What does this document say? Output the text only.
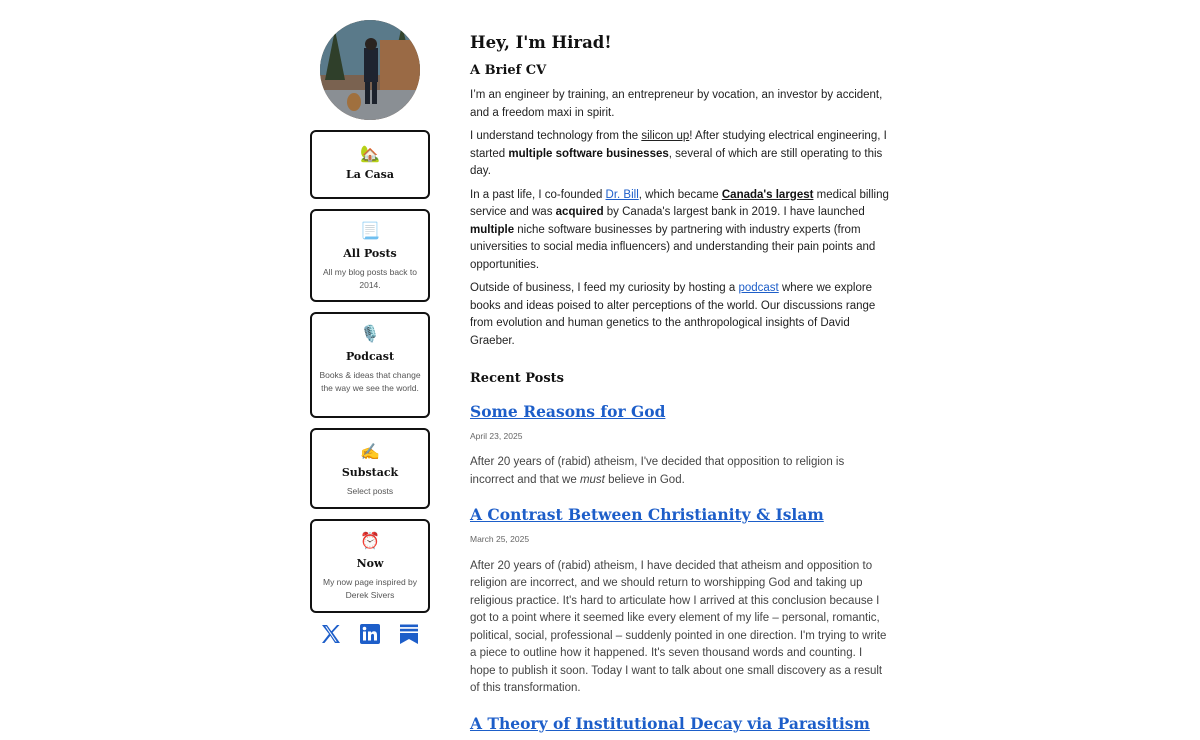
🏡
La Casa
📃
All Posts
All my blog posts back to 2014.
🎙️
Podcast
Books & ideas that change the way we see the world.
✍️
Substack
Select posts
⏰
Now
My now page inspired by Derek Sivers
Hey, I'm Hirad!
A Brief CV

I’m an engineer by training, an entrepreneur by vocation, an investor by accident, and a freedom maxi in spirit.

I understand technology from the silicon up! After studying electrical engineering, I started multiple software businesses, several of which are still operating to this day.

In a past life, I co-founded Dr. Bill, which became Canada's largest medical billing service and was acquired by Canada's largest bank in 2019. I have launched multiple niche software businesses by partnering with industry experts (from universities to social media influencers) and understanding their pain points and opportunities.

Outside of business, I feed my curiosity by hosting a podcast where we explore books and ideas poised to alter perceptions of the world. Our discussions range from evolution and human genetics to the anthropological insights of David Graeber.

Recent Posts
Some Reasons for God
April 23, 2025

After 20 years of (rabid) atheism, I've decided that opposition to religion is incorrect and that we must believe in God.

A Contrast Between Christianity & Islam
March 25, 2025

After 20 years of (rabid) atheism, I have decided that atheism and opposition to religion are incorrect, and we should return to worshipping God and taking up religious practice. It's hard to articulate how I arrived at this conclusion because I got to a point where it seemed like every element of my life – personal, romantic, political, social, professional – suddenly pointed in one direction. I'm trying to write a piece to outline how it happened. It's seven thousand words and counting. I hope to publish it soon. Today I want to talk about one small discovery as a result of this transformation.

A Theory of Institutional Decay via Parasitism
